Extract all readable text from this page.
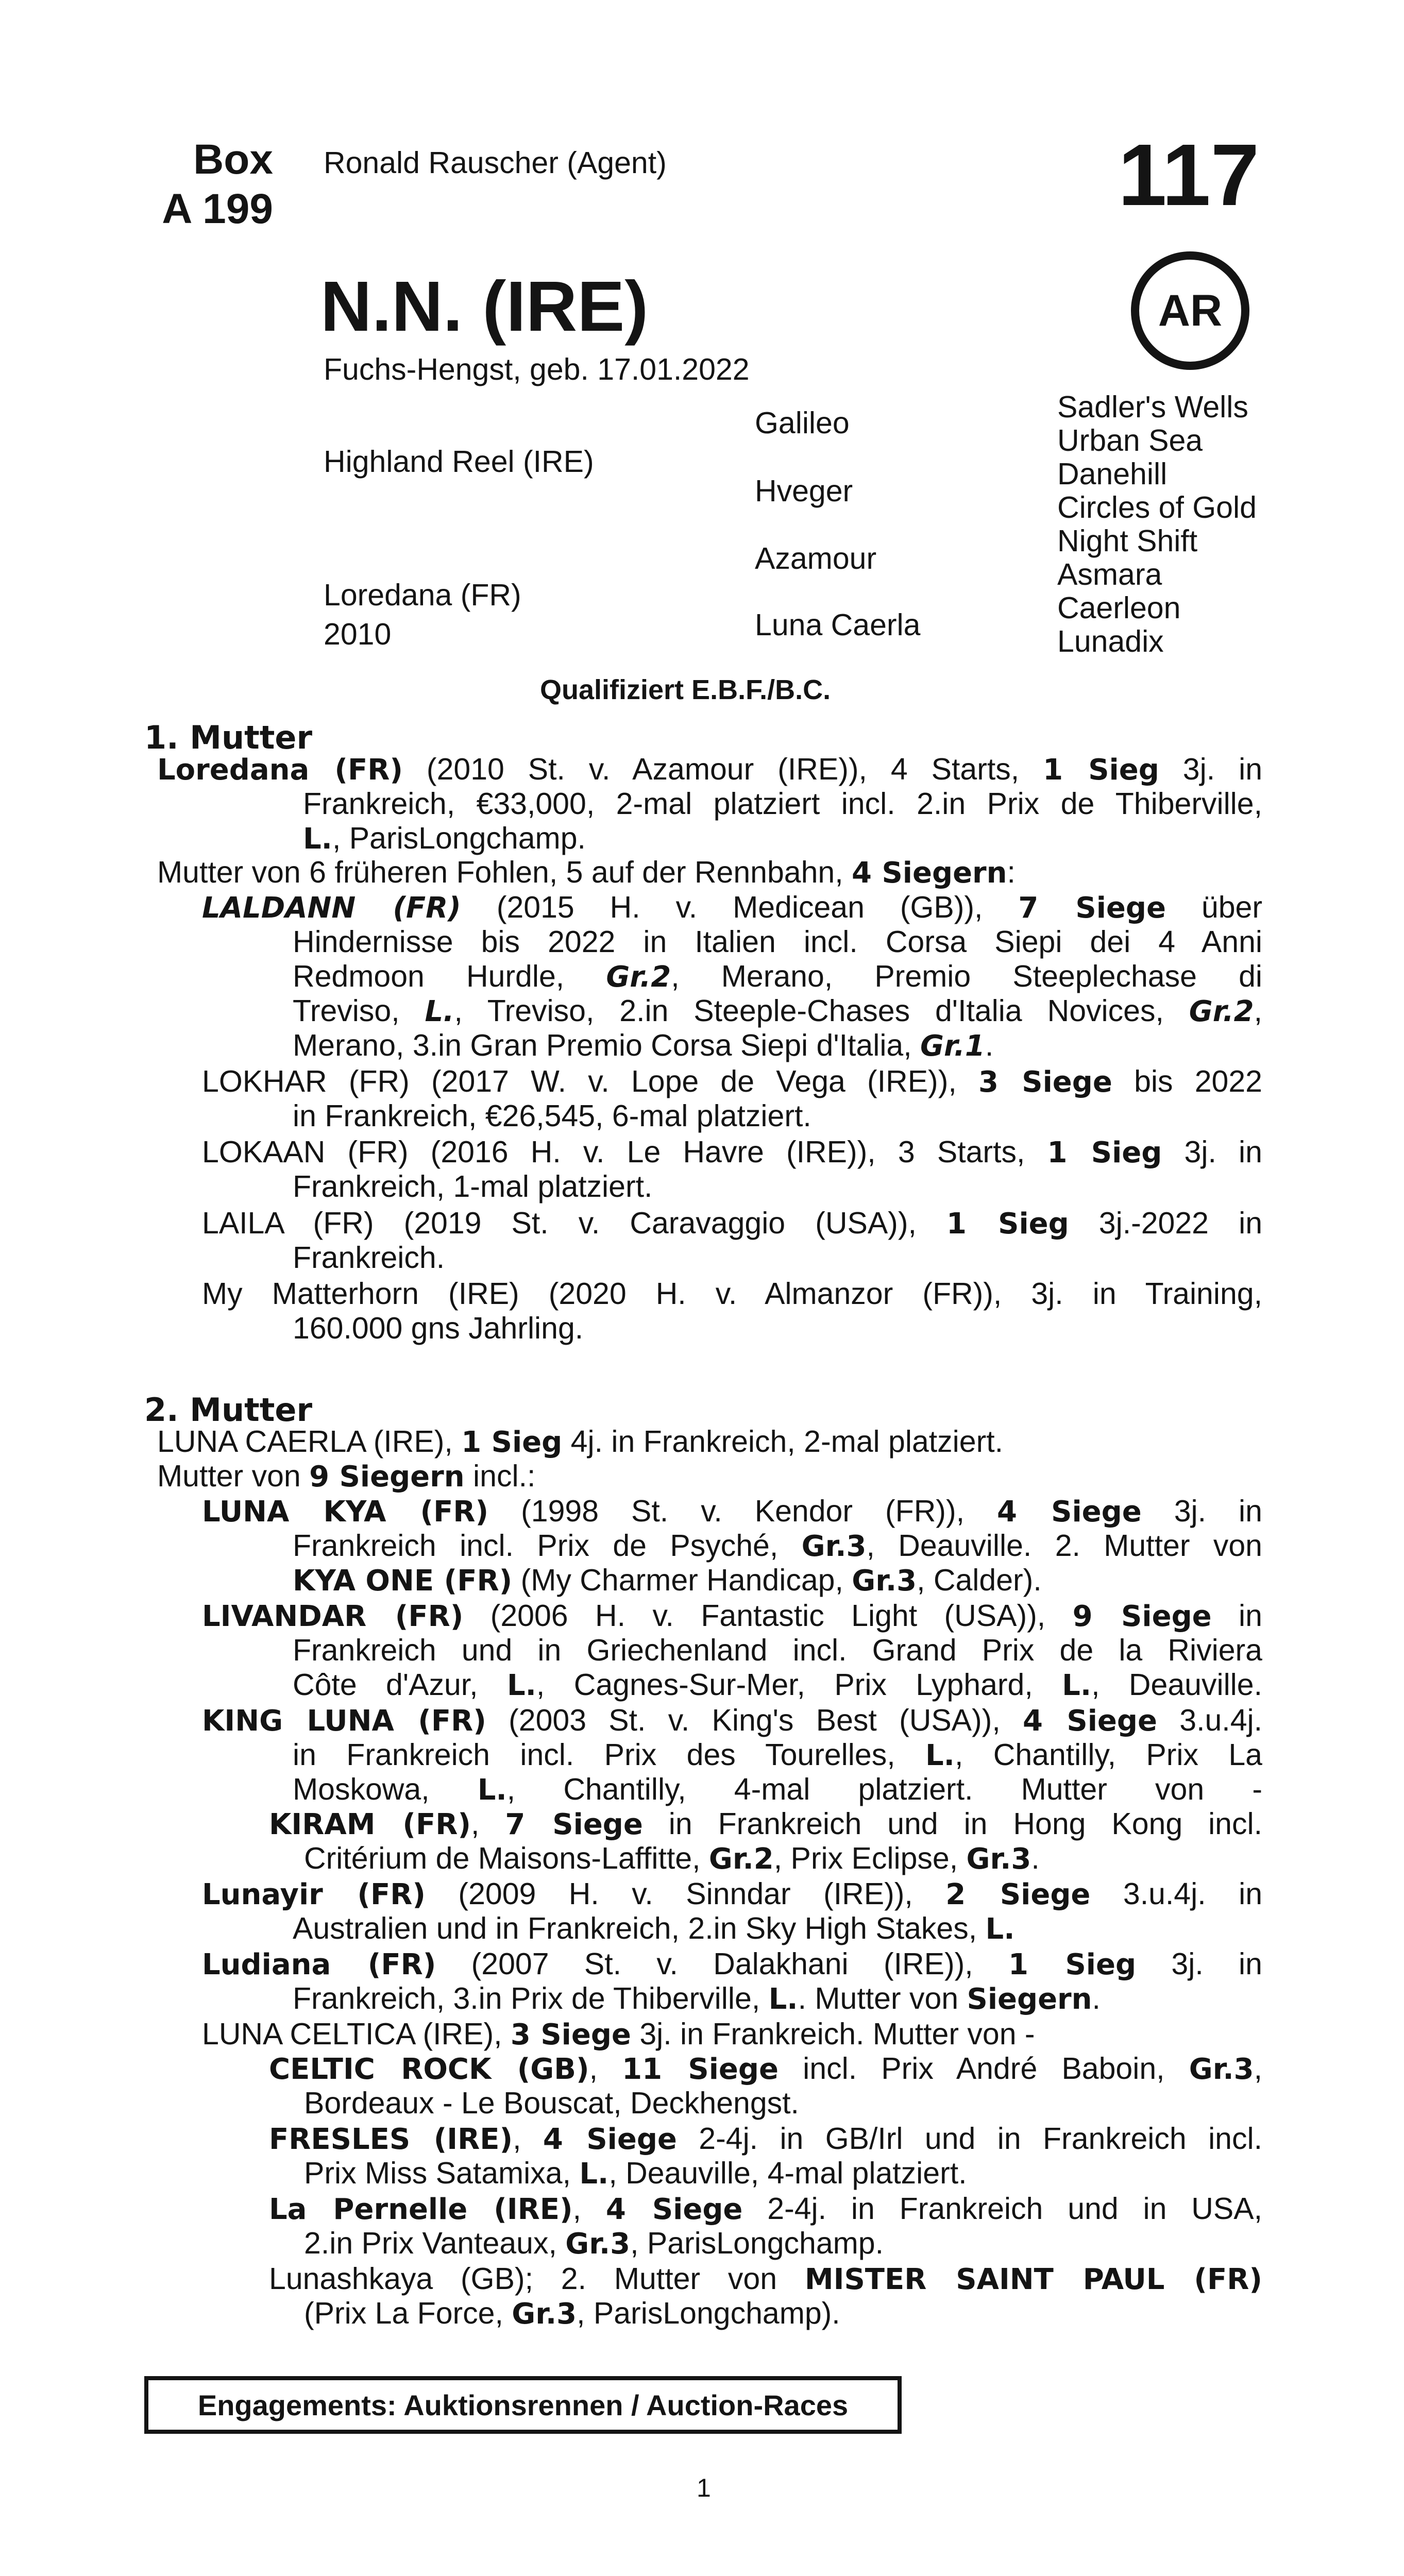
Box
A 199
Ronald Rauscher (Agent)	117
N.N. (IRE)	AR
Fuchs-Hengst, geb. 17.01.2022
Highland Reel (IRE)
Loredana (FR)
2010
Galileo
Hveger
Azamour
Luna Caerla
Sadler's Wells
Urban Sea
Danehill
Circles of Gold
Night Shift
Asmara
Caerleon
Lunadix
Qualifiziert E.B.F./B.C.
1. Mutter
Loredana (FR) (2010 St. v. Azamour (IRE)), 4 Starts, 1 Sieg 3j. in
Frankreich, €33,000, 2-mal platziert incl. 2.in Prix de Thiberville,
L., ParisLongchamp.
Mutter von 6 früheren Fohlen, 5 auf der Rennbahn, 4 Siegern:
LALDANN (FR) (2015 H. v. Medicean (GB)), 7 Siege über
Hindernisse bis 2022 in Italien incl. Corsa Siepi dei 4 Anni
Redmoon Hurdle, Gr.2, Merano, Premio Steeplechase di
Treviso, L., Treviso, 2.in Steeple-Chases d'Italia Novices, Gr.2,
Merano, 3.in Gran Premio Corsa Siepi d'Italia, Gr.1.
LOKHAR (FR) (2017 W. v. Lope de Vega (IRE)), 3 Siege bis 2022
in Frankreich, €26,545, 6-mal platziert.
LOKAAN (FR) (2016 H. v. Le Havre (IRE)), 3 Starts, 1 Sieg 3j. in
Frankreich, 1-mal platziert.
LAILA (FR) (2019 St. v. Caravaggio (USA)), 1 Sieg 3j.-2022 in
Frankreich.
My Matterhorn (IRE) (2020 H. v. Almanzor (FR)), 3j. in Training,
160.000 gns Jahrling.
2. Mutter
LUNA CAERLA (IRE), 1 Sieg 4j. in Frankreich, 2-mal platziert.
Mutter von 9 Siegern incl.:
LUNA KYA (FR) (1998 St. v. Kendor (FR)), 4 Siege 3j. in
Frankreich incl. Prix de Psyché, Gr.3, Deauville. 2. Mutter von
KYA ONE (FR) (My Charmer Handicap, Gr.3, Calder).
LIVANDAR (FR) (2006 H. v. Fantastic Light (USA)), 9 Siege in
Frankreich und in Griechenland incl. Grand Prix de la Riviera
Côte d'Azur, L., Cagnes-Sur-Mer, Prix Lyphard, L., Deauville.
KING LUNA (FR) (2003 St. v. King's Best (USA)), 4 Siege 3.u.4j.
in Frankreich incl. Prix des Tourelles, L., Chantilly, Prix La
Moskowa, L., Chantilly, 4-mal platziert. Mutter von -
KIRAM (FR), 7 Siege in Frankreich und in Hong Kong incl.
Critérium de Maisons-Laffitte, Gr.2, Prix Eclipse, Gr.3.
Lunayir (FR) (2009 H. v. Sinndar (IRE)), 2 Siege 3.u.4j. in
Australien und in Frankreich, 2.in Sky High Stakes, L.
Ludiana (FR) (2007 St. v. Dalakhani (IRE)), 1 Sieg 3j. in
Frankreich, 3.in Prix de Thiberville, L.. Mutter von Siegern.
LUNA CELTICA (IRE), 3 Siege 3j. in Frankreich. Mutter von -
CELTIC ROCK (GB), 11 Siege incl. Prix André Baboin, Gr.3,
Bordeaux - Le Bouscat, Deckhengst.
FRESLES (IRE), 4 Siege 2-4j. in GB/Irl und in Frankreich incl.
Prix Miss Satamixa, L., Deauville, 4-mal platziert.
La Pernelle (IRE), 4 Siege 2-4j. in Frankreich und in USA,
2.in Prix Vanteaux, Gr.3, ParisLongchamp.
Lunashkaya (GB); 2. Mutter von MISTER SAINT PAUL (FR)
(Prix La Force, Gr.3, ParisLongchamp).
Engagements: Auktionsrennen / Auction-Races
1
